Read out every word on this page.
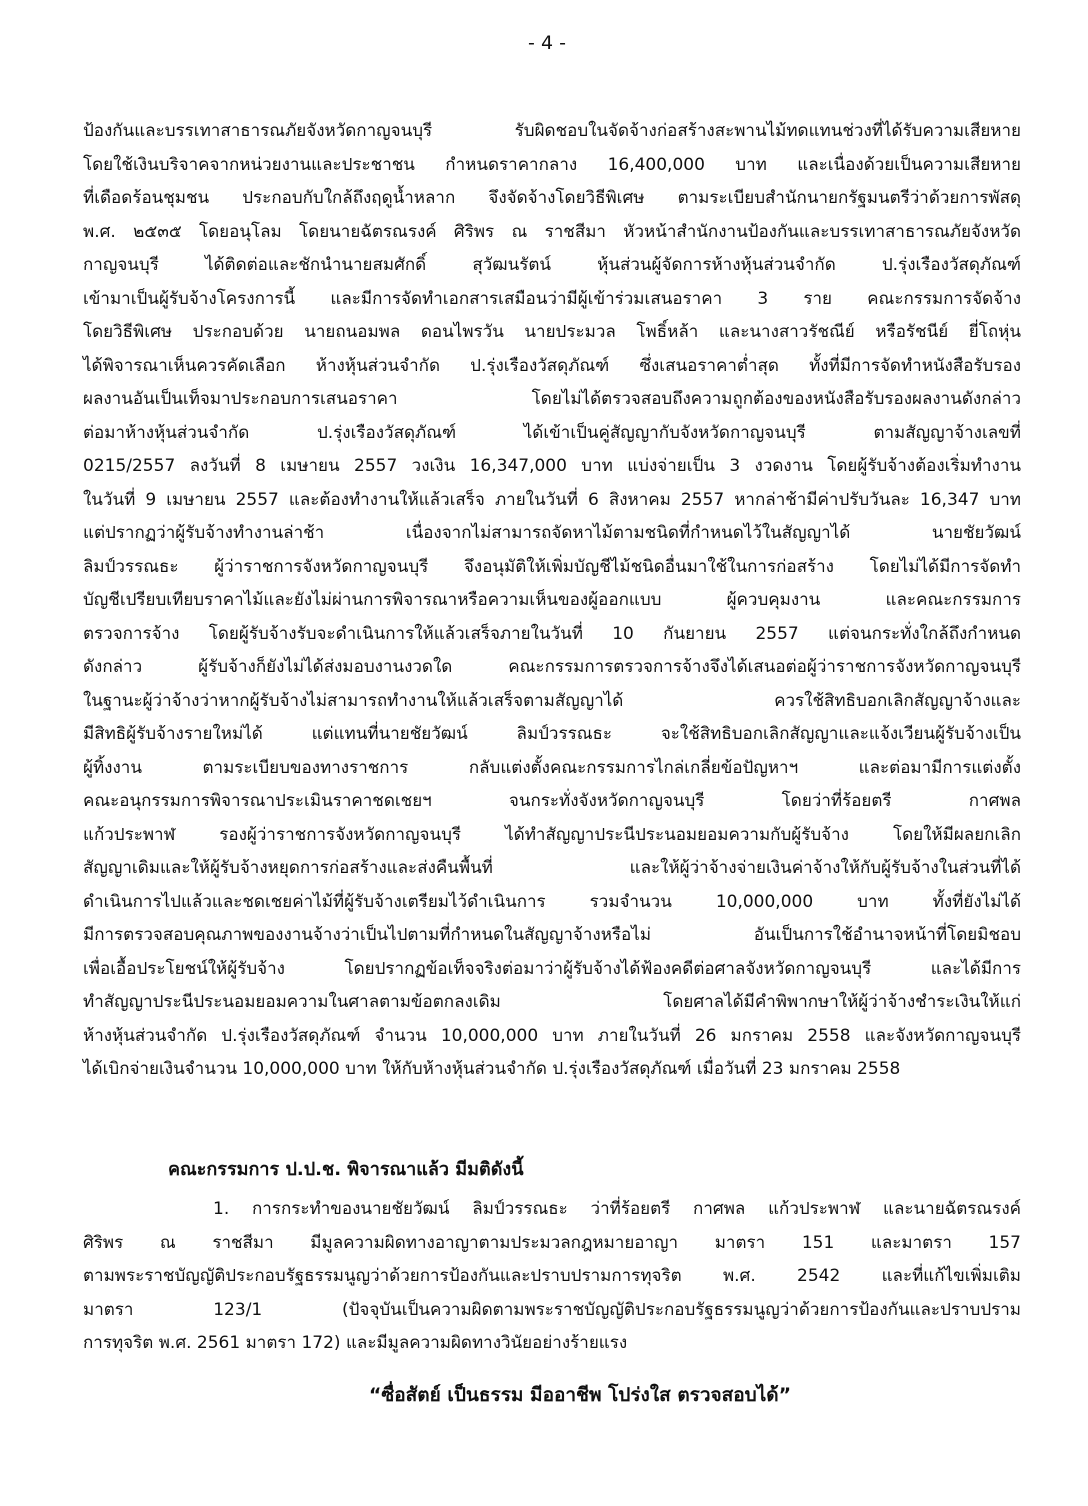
- 4 -
ป้องกันและบรรเทาสาธารณภัยจังหวัดกาญจนบุรี รับผิดชอบในจัดจ้างก่อสร้างสะพานไม้ทดแทนช่วงที่ได้รับความเสียหาย
โดยใช้เงินบริจาคจากหน่วยงานและประชาชน กำหนดราคากลาง 16,400,000 บาท และเนื่องด้วยเป็นความเสียหาย
ที่เดือดร้อนชุมชน ประกอบกับใกล้ถึงฤดูน้ำหลาก จึงจัดจ้างโดยวิธีพิเศษ ตามระเบียบสำนักนายกรัฐมนตรีว่าด้วยการพัสดุ
พ.ศ. ๒๕๓๕ โดยอนุโลม โดยนายฉัตรณรงค์ ศิริพร ณ ราชสีมา หัวหน้าสำนักงานป้องกันและบรรเทาสาธารณภัยจังหวัด
กาญจนบุรี ได้ติดต่อและชักนำนายสมศักดิ์ สุวัฒนรัตน์ หุ้นส่วนผู้จัดการห้างหุ้นส่วนจำกัด ป.รุ่งเรืองวัสดุภัณฑ์
เข้ามาเป็นผู้รับจ้างโครงการนี้ และมีการจัดทำเอกสารเสมือนว่ามีผู้เข้าร่วมเสนอราคา 3 ราย คณะกรรมการจัดจ้าง
โดยวิธีพิเศษ ประกอบด้วย นายถนอมพล ดอนไพรวัน นายประมวล โพธิ์หล้า และนางสาวรัชณีย์ หรือรัชนีย์ ยี่โถหุ่น
ได้พิจารณาเห็นควรคัดเลือก ห้างหุ้นส่วนจำกัด ป.รุ่งเรืองวัสดุภัณฑ์ ซึ่งเสนอราคาต่ำสุด ทั้งที่มีการจัดทำหนังสือรับรอง
ผลงานอันเป็นเท็จมาประกอบการเสนอราคา โดยไม่ได้ตรวจสอบถึงความถูกต้องของหนังสือรับรองผลงานดังกล่าว
ต่อมาห้างหุ้นส่วนจำกัด ป.รุ่งเรืองวัสดุภัณฑ์ ได้เข้าเป็นคู่สัญญากับจังหวัดกาญจนบุรี ตามสัญญาจ้างเลขที่
0215/2557 ลงวันที่ 8 เมษายน 2557 วงเงิน 16,347,000 บาท แบ่งจ่ายเป็น 3 งวดงาน โดยผู้รับจ้างต้องเริ่มทำงาน
ในวันที่ 9 เมษายน 2557 และต้องทำงานให้แล้วเสร็จ ภายในวันที่ 6 สิงหาคม 2557 หากล่าช้ามีค่าปรับวันละ 16,347 บาท
แต่ปรากฏว่าผู้รับจ้างทำงานล่าช้า เนื่องจากไม่สามารถจัดหาไม้ตามชนิดที่กำหนดไว้ในสัญญาได้ นายชัยวัฒน์
ลิมป์วรรณธะ ผู้ว่าราชการจังหวัดกาญจนบุรี จึงอนุมัติให้เพิ่มบัญชีไม้ชนิดอื่นมาใช้ในการก่อสร้าง โดยไม่ได้มีการจัดทำ
บัญชีเปรียบเทียบราคาไม้และยังไม่ผ่านการพิจารณาหรือความเห็นของผู้ออกแบบ ผู้ควบคุมงาน และคณะกรรมการ
ตรวจการจ้าง โดยผู้รับจ้างรับจะดำเนินการให้แล้วเสร็จภายในวันที่ 10 กันยายน 2557 แต่จนกระทั่งใกล้ถึงกำหนด
ดังกล่าว ผู้รับจ้างก็ยังไม่ได้ส่งมอบงานงวดใด คณะกรรมการตรวจการจ้างจึงได้เสนอต่อผู้ว่าราชการจังหวัดกาญจนบุรี
ในฐานะผู้ว่าจ้างว่าหากผู้รับจ้างไม่สามารถทำงานให้แล้วเสร็จตามสัญญาได้ ควรใช้สิทธิบอกเลิกสัญญาจ้างและ
มีสิทธิผู้รับจ้างรายใหม่ได้ แต่แทนที่นายชัยวัฒน์ ลิมป์วรรณธะ จะใช้สิทธิบอกเลิกสัญญาและแจ้งเวียนผู้รับจ้างเป็น
ผู้ทิ้งงาน ตามระเบียบของทางราชการ กลับแต่งตั้งคณะกรรมการไกล่เกลี่ยข้อปัญหาฯ และต่อมามีการแต่งตั้ง
คณะอนุกรรมการพิจารณาประเมินราคาชดเชยฯ จนกระทั่งจังหวัดกาญจนบุรี โดยว่าที่ร้อยตรี กาศพล
แก้วประพาฬ รองผู้ว่าราชการจังหวัดกาญจนบุรี ได้ทำสัญญาประนีประนอมยอมความกับผู้รับจ้าง โดยให้มีผลยกเลิก
สัญญาเดิมและให้ผู้รับจ้างหยุดการก่อสร้างและส่งคืนพื้นที่ และให้ผู้ว่าจ้างจ่ายเงินค่าจ้างให้กับผู้รับจ้างในส่วนที่ได้
ดำเนินการไปแล้วและชดเชยค่าไม้ที่ผู้รับจ้างเตรียมไว้ดำเนินการ รวมจำนวน 10,000,000 บาท ทั้งที่ยังไม่ได้
มีการตรวจสอบคุณภาพของงานจ้างว่าเป็นไปตามที่กำหนดในสัญญาจ้างหรือไม่ อันเป็นการใช้อำนาจหน้าที่โดยมิชอบ
เพื่อเอื้อประโยชน์ให้ผู้รับจ้าง โดยปรากฏข้อเท็จจริงต่อมาว่าผู้รับจ้างได้ฟ้องคดีต่อศาลจังหวัดกาญจนบุรี และได้มีการ
ทำสัญญาประนีประนอมยอมความในศาลตามข้อตกลงเดิม โดยศาลได้มีคำพิพากษาให้ผู้ว่าจ้างชำระเงินให้แก่
ห้างหุ้นส่วนจำกัด ป.รุ่งเรืองวัสดุภัณฑ์ จำนวน 10,000,000 บาท ภายในวันที่ 26 มกราคม 2558 และจังหวัดกาญจนบุรี
ได้เบิกจ่ายเงินจำนวน 10,000,000 บาท ให้กับห้างหุ้นส่วนจำกัด ป.รุ่งเรืองวัสดุภัณฑ์ เมื่อวันที่ 23 มกราคม 2558
คณะกรรมการ ป.ป.ช. พิจารณาแล้ว มีมติดังนี้
1. การกระทำของนายชัยวัฒน์ ลิมป์วรรณธะ ว่าที่ร้อยตรี กาศพล แก้วประพาฬ และนายฉัตรณรงค์
ศิริพร ณ ราชสีมา มีมูลความผิดทางอาญาตามประมวลกฎหมายอาญา มาตรา 151 และมาตรา 157
ตามพระราชบัญญัติประกอบรัฐธรรมนูญว่าด้วยการป้องกันและปราบปรามการทุจริต พ.ศ. 2542 และที่แก้ไขเพิ่มเติม
มาตรา 123/1 (ปัจจุบันเป็นความผิดตามพระราชบัญญัติประกอบรัฐธรรมนูญว่าด้วยการป้องกันและปราบปราม
การทุจริต พ.ศ. 2561 มาตรา 172) และมีมูลความผิดทางวินัยอย่างร้ายแรง
“ซื่อสัตย์ เป็นธรรม มีออาชีพ โปร่งใส ตรวจสอบได้”
